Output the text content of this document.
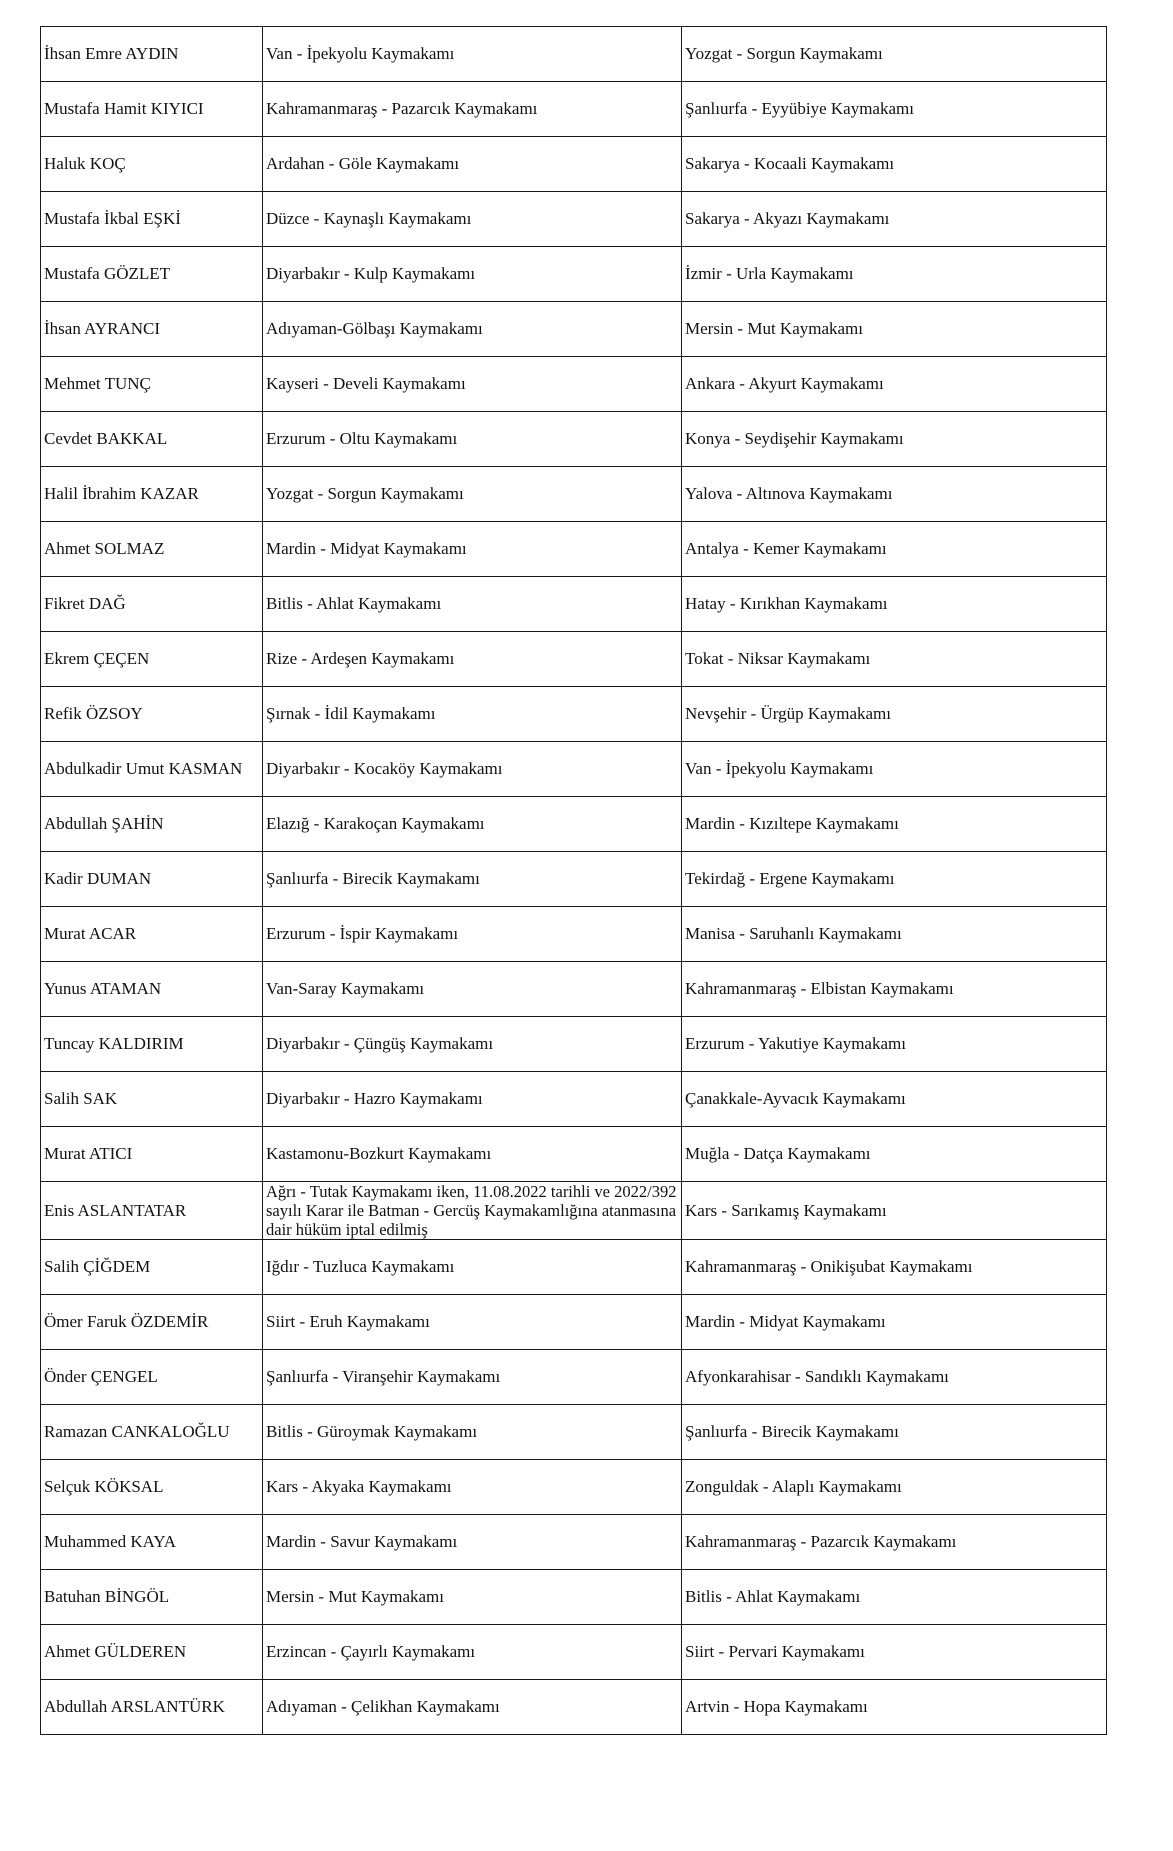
İhsan Emre AYDIN	Van - İpekyolu Kaymakamı	Yozgat - Sorgun Kaymakamı
Mustafa Hamit KIYICI	Kahramanmaraş - Pazarcık Kaymakamı	Şanlıurfa - Eyyübiye Kaymakamı
Haluk KOÇ	Ardahan - Göle Kaymakamı	Sakarya - Kocaali Kaymakamı
Mustafa İkbal EŞKİ	Düzce - Kaynaşlı Kaymakamı	Sakarya - Akyazı Kaymakamı
Mustafa GÖZLET	Diyarbakır - Kulp Kaymakamı	İzmir - Urla Kaymakamı
İhsan AYRANCI	Adıyaman-Gölbaşı Kaymakamı	Mersin - Mut Kaymakamı
Mehmet TUNÇ	Kayseri - Develi Kaymakamı	Ankara - Akyurt Kaymakamı
Cevdet BAKKAL	Erzurum - Oltu Kaymakamı	Konya - Seydişehir Kaymakamı
Halil İbrahim KAZAR	Yozgat - Sorgun Kaymakamı	Yalova - Altınova Kaymakamı
Ahmet SOLMAZ	Mardin - Midyat Kaymakamı	Antalya - Kemer Kaymakamı
Fikret DAĞ	Bitlis - Ahlat Kaymakamı	Hatay - Kırıkhan Kaymakamı
Ekrem ÇEÇEN	Rize - Ardeşen Kaymakamı	Tokat - Niksar Kaymakamı
Refik ÖZSOY	Şırnak - İdil Kaymakamı	Nevşehir - Ürgüp Kaymakamı
Abdulkadir Umut KASMAN	Diyarbakır - Kocaköy Kaymakamı	Van - İpekyolu Kaymakamı
Abdullah ŞAHİN	Elazığ - Karakoçan Kaymakamı	Mardin - Kızıltepe Kaymakamı
Kadir DUMAN	Şanlıurfa - Birecik Kaymakamı	Tekirdağ - Ergene Kaymakamı
Murat ACAR	Erzurum - İspir Kaymakamı	Manisa - Saruhanlı Kaymakamı
Yunus ATAMAN	Van-Saray Kaymakamı	Kahramanmaraş - Elbistan Kaymakamı
Tuncay KALDIRIM	Diyarbakır - Çüngüş Kaymakamı	Erzurum - Yakutiye Kaymakamı
Salih SAK	Diyarbakır - Hazro Kaymakamı	Çanakkale-Ayvacık Kaymakamı
Murat ATICI	Kastamonu-Bozkurt Kaymakamı	Muğla - Datça Kaymakamı
Enis ASLANTATAR	Ağrı - Tutak Kaymakamı iken, 11.08.2022 tarihli ve 2022/392 sayılı Karar ile Batman - Gercüş Kaymakamlığına atanmasına dair hüküm iptal edilmiş	Kars - Sarıkamış Kaymakamı
Salih ÇİĞDEM	Iğdır - Tuzluca Kaymakamı	Kahramanmaraş - Onikişubat Kaymakamı
Ömer Faruk ÖZDEMİR	Siirt - Eruh Kaymakamı	Mardin - Midyat Kaymakamı
Önder ÇENGEL	Şanlıurfa - Viranşehir Kaymakamı	Afyonkarahisar - Sandıklı Kaymakamı
Ramazan CANKALOĞLU	Bitlis - Güroymak Kaymakamı	Şanlıurfa - Birecik Kaymakamı
Selçuk KÖKSAL	Kars - Akyaka Kaymakamı	Zonguldak - Alaplı Kaymakamı
Muhammed KAYA	Mardin - Savur Kaymakamı	Kahramanmaraş - Pazarcık Kaymakamı
Batuhan BİNGÖL	Mersin - Mut Kaymakamı	Bitlis - Ahlat Kaymakamı
Ahmet GÜLDEREN	Erzincan - Çayırlı Kaymakamı	Siirt - Pervari Kaymakamı
Abdullah ARSLANTÜRK	Adıyaman - Çelikhan Kaymakamı	Artvin - Hopa Kaymakamı
